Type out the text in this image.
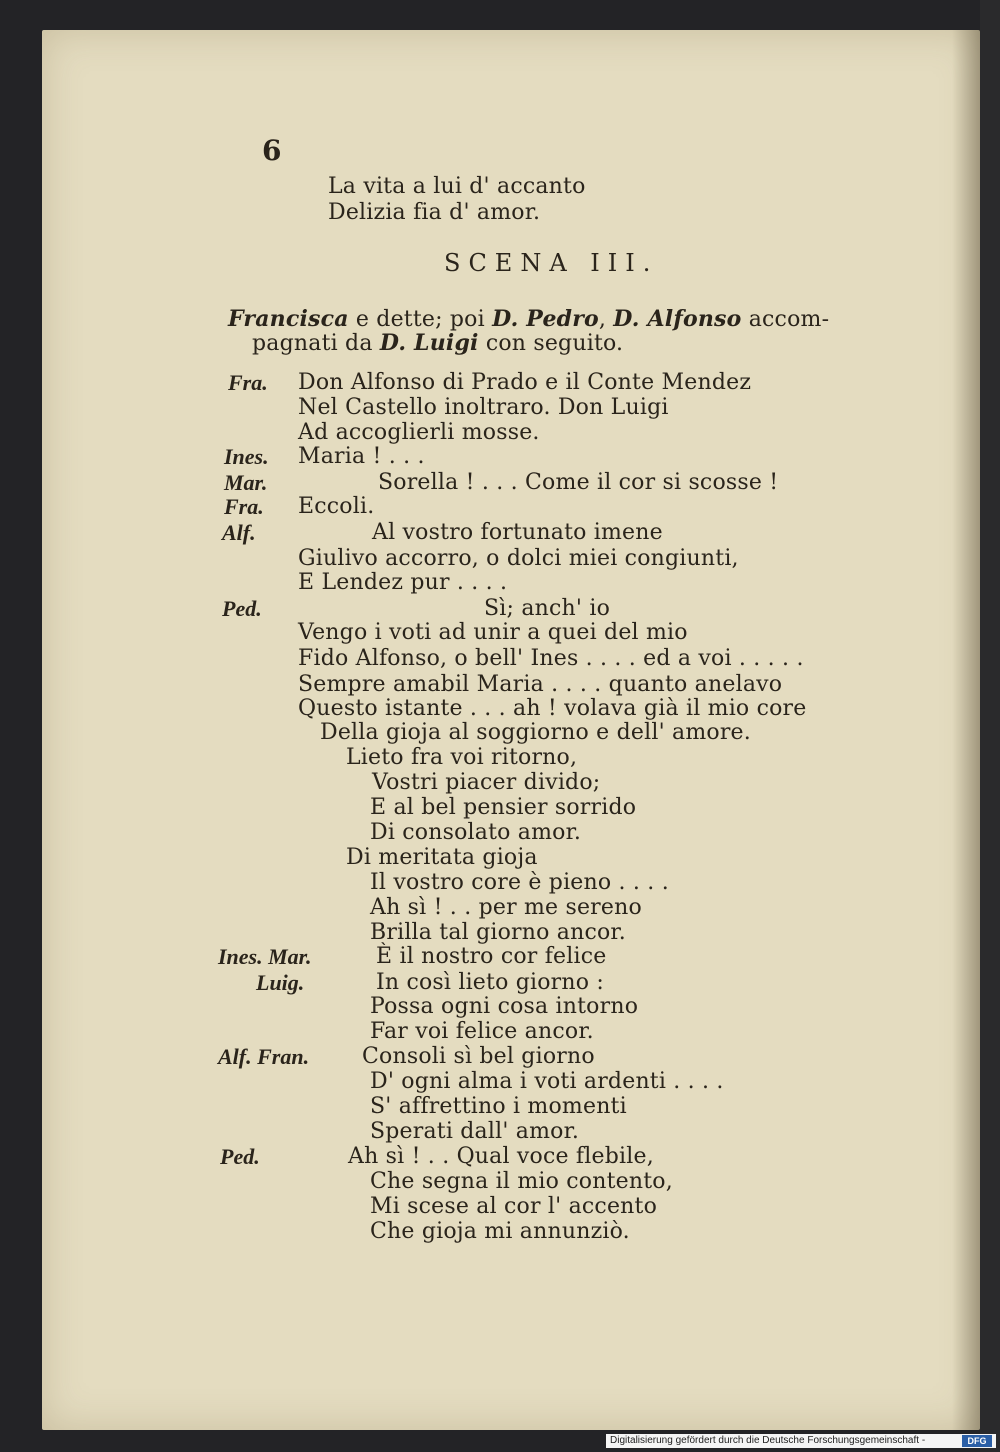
6
La vita a lui d' accanto
Delizia fia d' amor.
SCENA III.
Francisca e dette; poi D. Pedro, D. Alfonso accom-
pagnati da D. Luigi con seguito.
Fra.
Ines.
Mar.
Fra.
Alf.
Ped.
Ines. Mar.
Luig.
Alf. Fran.
Ped.
Don Alfonso di Prado e il Conte Mendez
Nel Castello inoltraro. Don Luigi
Ad accoglierli mosse.
Maria ! . . .
Sorella ! . . . Come il cor si scosse !
Eccoli.
Al vostro fortunato imene
Giulivo accorro, o dolci miei congiunti,
E Lendez pur . . . .
Sì; anch' io
Vengo i voti ad unir a quei del mio
Fido Alfonso, o bell' Ines . . . . ed a voi . . . . .
Sempre amabil Maria . . . . quanto anelavo
Questo istante . . . ah ! volava già il mio core
Della gioja al soggiorno e dell' amore.
Lieto fra voi ritorno,
Vostri piacer divido;
E al bel pensier sorrido
Di consolato amor.
Di meritata gioja
Il vostro core è pieno . . . .
Ah sì ! . . per me sereno
Brilla tal giorno ancor.
È il nostro cor felice
In così lieto giorno :
Possa ogni cosa intorno
Far voi felice ancor.
Consoli sì bel giorno
D' ogni alma i voti ardenti . . . .
S' affrettino i momenti
Sperati dall' amor.
Ah sì ! . . Qual voce flebile,
Che segna il mio contento,
Mi scese al cor l' accento
Che gioja mi annunziò.
Digitalisierung gefördert durch die Deutsche Forschungsgemeinschaft -	DFG
